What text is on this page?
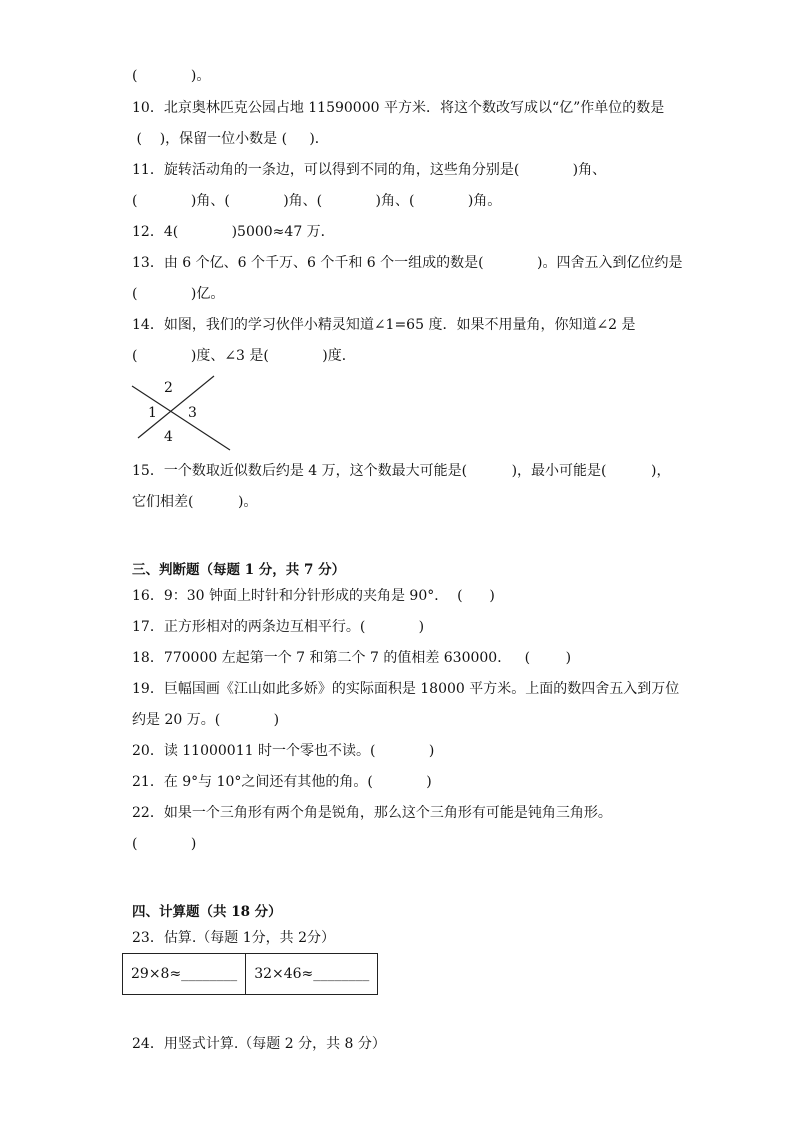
(            )。
10．北京奥林匹克公园占地 11590000 平方米．将这个数改写成以“亿”作单位的数是
(    )，保留一位小数是 (     )．
11．旋转活动角的一条边，可以得到不同的角，这些角分别是(            )角、
(            )角、(            )角、(            )角、(            )角。
12．4(            )5000≈47 万．
13．由 6 个亿、6 个千万、6 个千和 6 个一组成的数是(            )。四舍五入到亿位约是
(            )亿。
14．如图，我们的学习伙伴小精灵知道∠1=65 度．如果不用量角，你知道∠2 是
(            )度、∠3 是(            )度．
15．一个数取近似数后约是 4 万，这个数最大可能是(          )，最小可能是(          )，
它们相差(          )。
三、判断题（每题 1 分，共 7 分）
16．9：30 钟面上时针和分针形成的夹角是 90°．  (      )
17．正方形相对的两条边互相平行。(            )
18．770000 左起第一个 7 和第二个 7 的值相差 630000．   (        )
19．巨幅国画《江山如此多娇》的实际面积是 18000 平方米。上面的数四舍五入到万位
约是 20 万。(            )
20．读 11000011 时一个零也不读。(            )
21．在 9°与 10°之间还有其他的角。(            )
22．如果一个三角形有两个角是锐角，那么这个三角形有可能是钝角三角形。
(            )
四、计算题（共 18 分）
23．估算.（每题 1分，共 2分）
24．用竖式计算.（每题 2 分，共 8 分）
2
1 3
4
29×8≈________	32×46≈________
